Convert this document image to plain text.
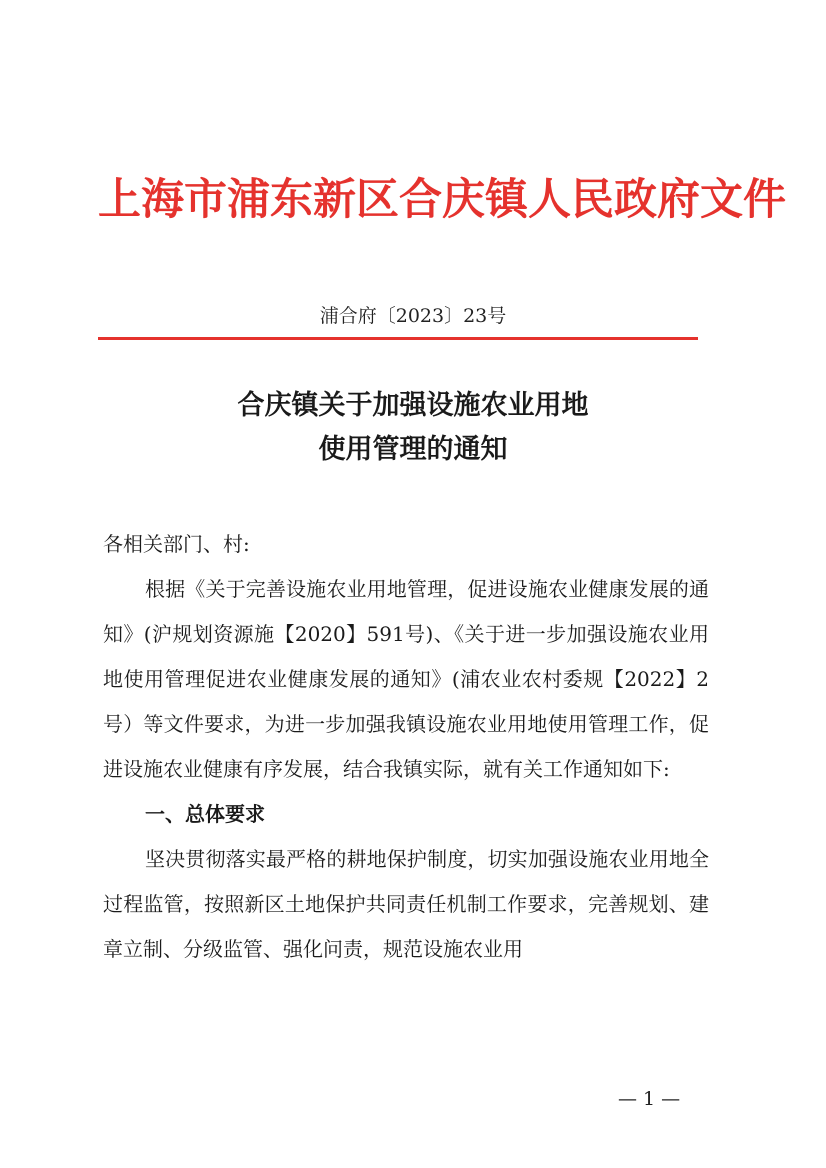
上海市浦东新区合庆镇人民政府文件
浦合府〔2023〕23号
合庆镇关于加强设施农业用地
使用管理的通知
各相关部门、村:
根据《关于完善设施农业用地管理，促进设施农业健康发展的通知》(沪规划资源施【2020】591号)、《关于进一步加强设施农业用地使用管理促进农业健康发展的通知》(浦农业农村委规【2022】2号）等文件要求，为进一步加强我镇设施农业用地使用管理工作，促进设施农业健康有序发展，结合我镇实际，就有关工作通知如下:
一、总体要求
坚决贯彻落实最严格的耕地保护制度，切实加强设施农业用地全过程监管，按照新区土地保护共同责任机制工作要求，完善规划、建章立制、分级监管、强化问责，规范设施农业用
— 1 —
